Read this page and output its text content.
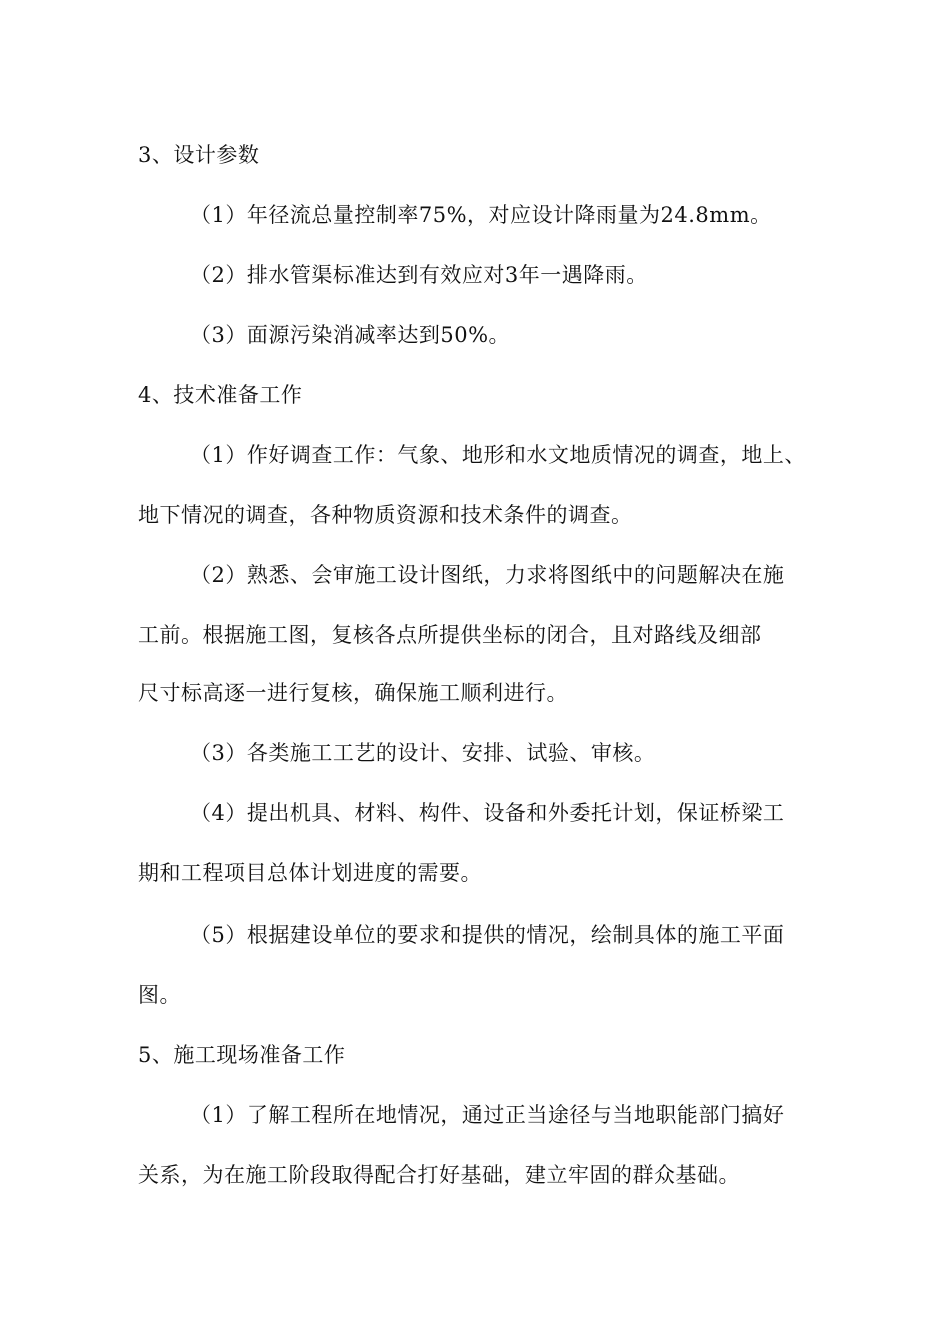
3、设计参数
（1）年径流总量控制率75%，对应设计降雨量为24.8mm。
（2）排水管渠标准达到有效应对3年一遇降雨。
（3）面源污染消减率达到50%。
4、技术准备工作
（1）作好调查工作：气象、地形和水文地质情况的调查，地上、
地下情况的调查，各种物质资源和技术条件的调查。
（2）熟悉、会审施工设计图纸，力求将图纸中的问题解决在施
工前。根据施工图，复核各点所提供坐标的闭合，且对路线及细部
尺寸标高逐一进行复核，确保施工顺利进行。
（3）各类施工工艺的设计、安排、试验、审核。
（4）提出机具、材料、构件、设备和外委托计划，保证桥梁工
期和工程项目总体计划进度的需要。
（5）根据建设单位的要求和提供的情况，绘制具体的施工平面
图。
5、施工现场准备工作
（1）了解工程所在地情况，通过正当途径与当地职能部门搞好
关系，为在施工阶段取得配合打好基础，建立牢固的群众基础。
